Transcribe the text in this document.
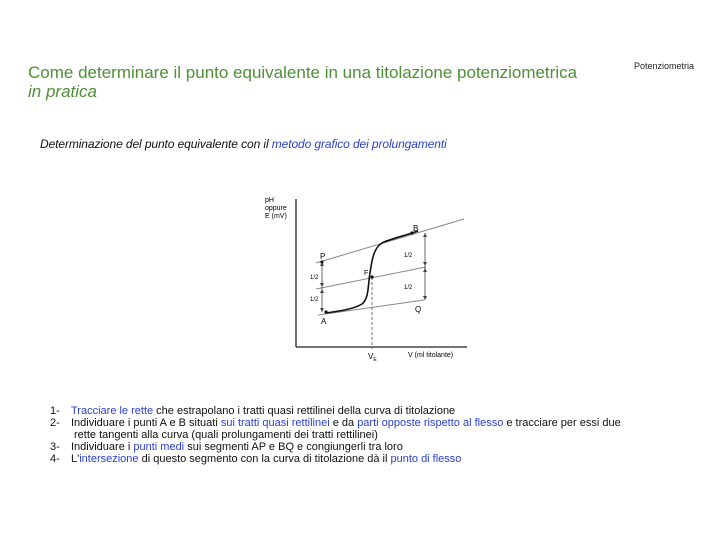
Potenziometria
Come determinare il punto equivalente in una titolazione potenziometrica
in pratica
Determinazione del punto equivalente con il metodo grafico dei prolungamenti
pH
oppure
E (mV)
B
P
F
A
Q
1/2
1/2
1/2
1/2
$V_E$
V (ml titolante)
1- Tracciare le rette che estrapolano i tratti quasi rettilinei della curva di titolazione
2- Individuare i punti A e B situati sui tratti quasi rettilinei e da parti opposte rispetto al flesso e tracciare per essi due
rette tangenti alla curva (quali prolungamenti dei tratti rettilinei)
3- Individuare i punti medi sui segmenti AP e BQ e congiungerli tra loro
4- L'intersezione di questo segmento con la curva di titolazione dà il punto di flesso
